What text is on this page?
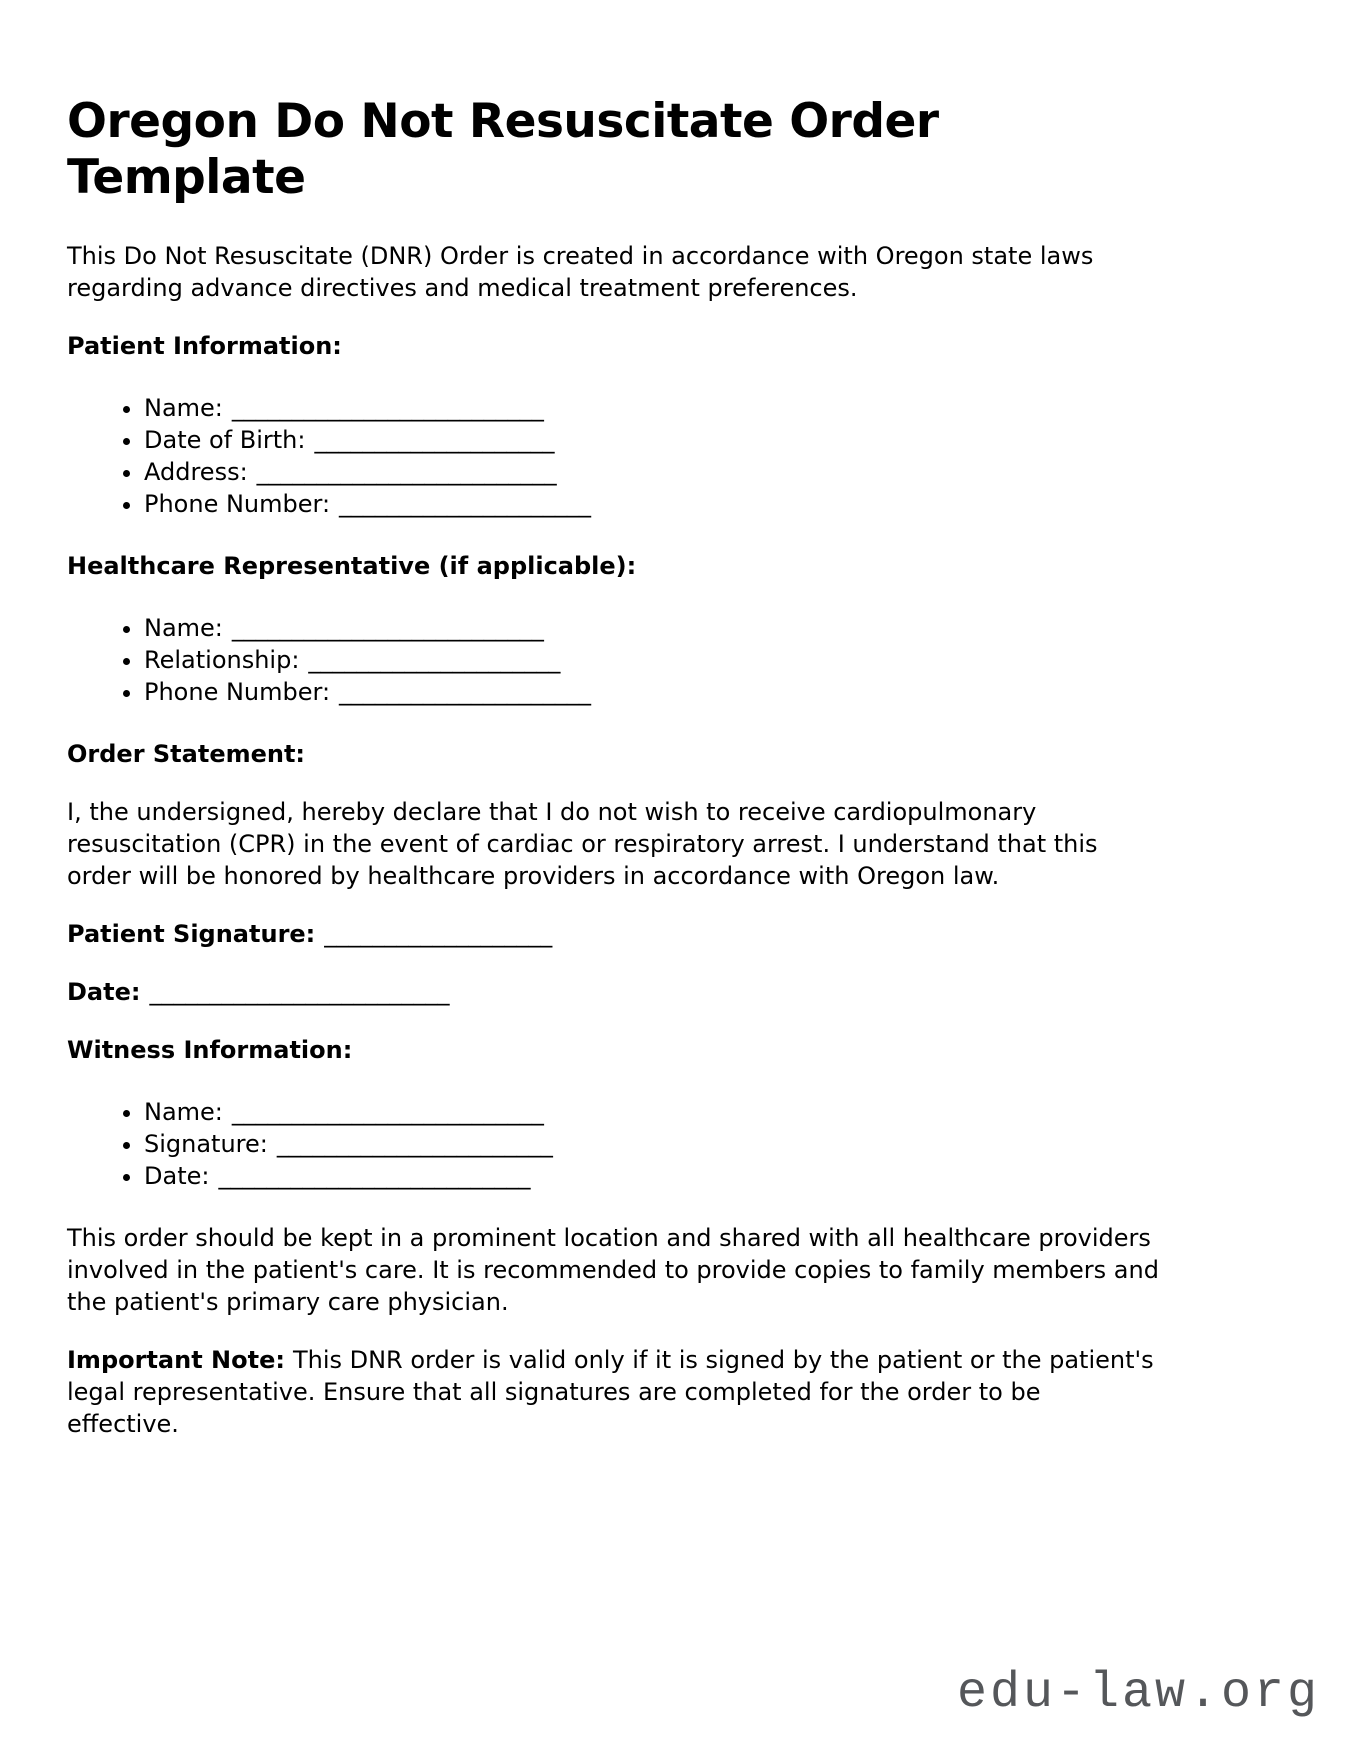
Oregon Do Not Resuscitate Order Template

This Do Not Resuscitate (DNR) Order is created in accordance with Oregon state laws
regarding advance directives and medical treatment preferences.

Patient Information:

• Name: __________________________
• Date of Birth: ____________________
• Address: _________________________
• Phone Number: _____________________

Healthcare Representative (if applicable):

• Name: __________________________
• Relationship: _____________________
• Phone Number: _____________________

Order Statement:

I, the undersigned, hereby declare that I do not wish to receive cardiopulmonary
resuscitation (CPR) in the event of cardiac or respiratory arrest. I understand that this
order will be honored by healthcare providers in accordance with Oregon law.

Patient Signature: ___________________

Date: _________________________

Witness Information:

• Name: __________________________
• Signature: _______________________
• Date: __________________________

This order should be kept in a prominent location and shared with all healthcare providers
involved in the patient's care. It is recommended to provide copies to family members and
the patient's primary care physician.

Important Note: This DNR order is valid only if it is signed by the patient or the patient's
legal representative. Ensure that all signatures are completed for the order to be
effective.

edu-law.org
